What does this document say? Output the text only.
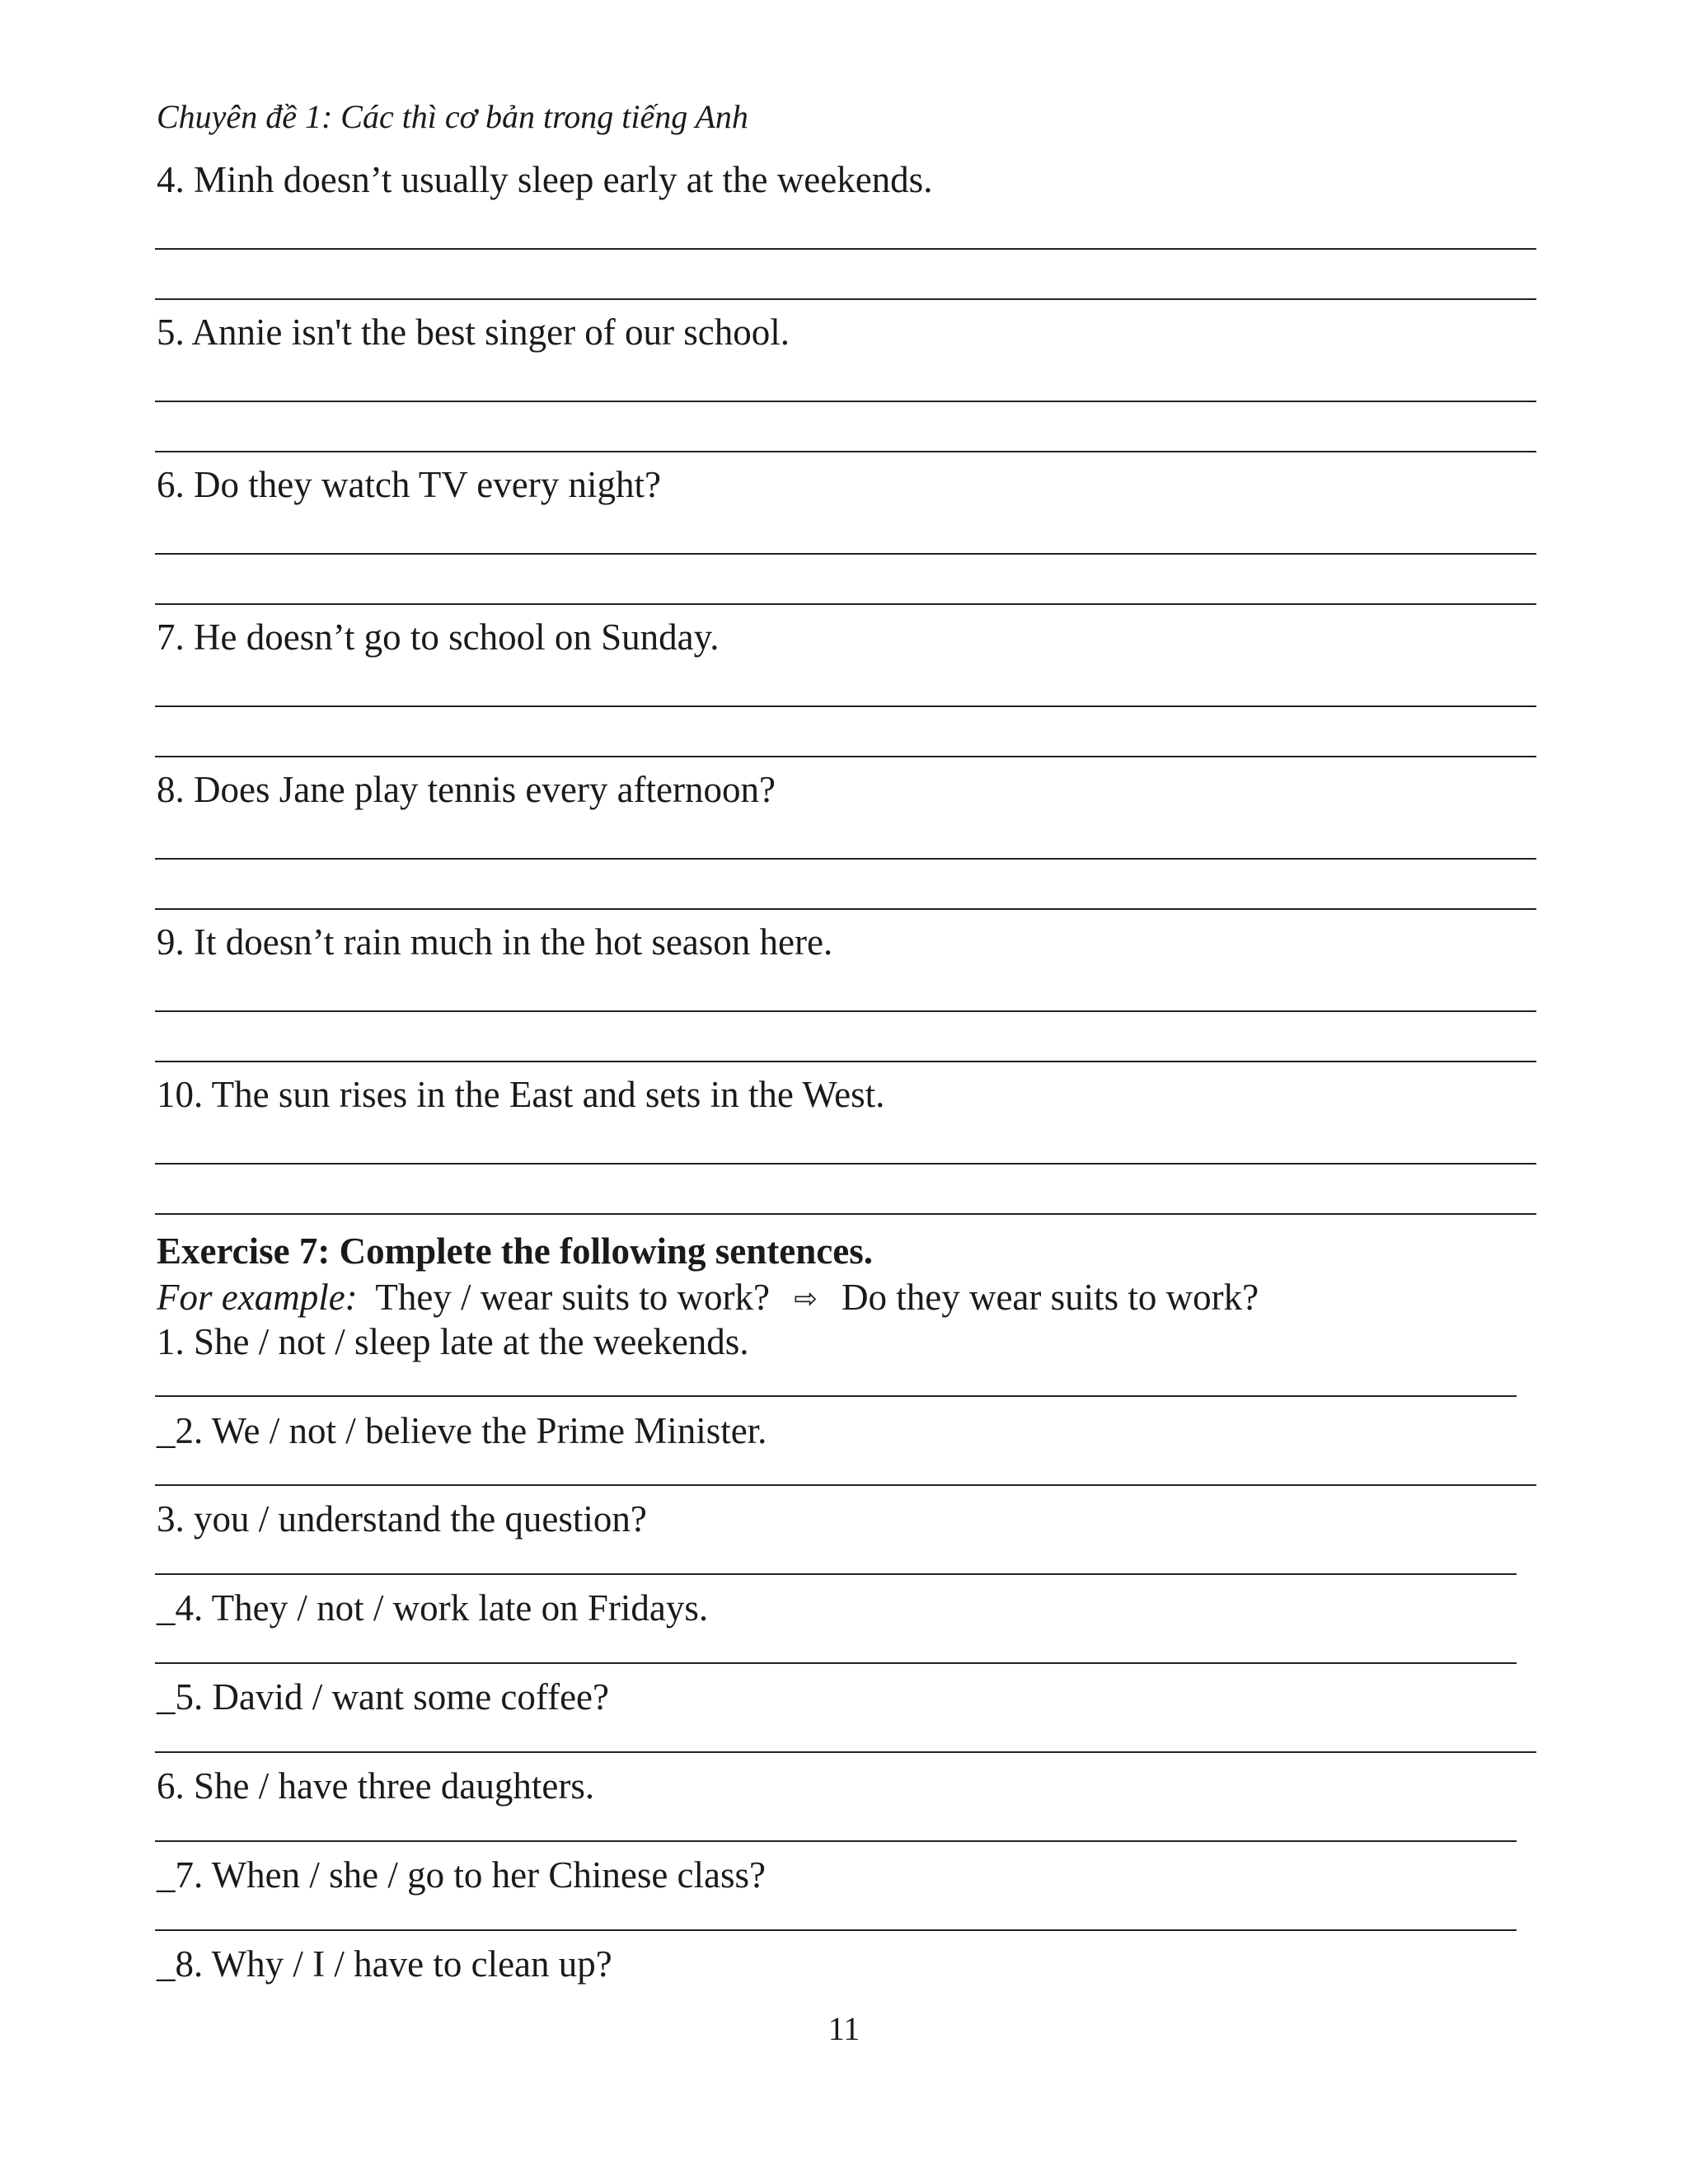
Chuyên đề 1: Các thì cơ bản trong tiếng Anh
4. Minh doesn’t usually sleep early at the weekends.
5. Annie isn't the best singer of our school.
6. Do they watch TV every night?
7. He doesn’t go to school on Sunday.
8. Does Jane play tennis every afternoon?
9. It doesn’t rain much in the hot season here.
10. The sun rises in the East and sets in the West.
Exercise 7: Complete the following sentences.
For example: They / wear suits to work? ⇨ Do they wear suits to work?
1. She / not / sleep late at the weekends.
_2. We / not / believe the Prime Minister.
3. you / understand the question?
_4. They / not / work late on Fridays.
_5. David / want some coffee?
6. She / have three daughters.
_7. When / she / go to her Chinese class?
_8. Why / I / have to clean up?
11
